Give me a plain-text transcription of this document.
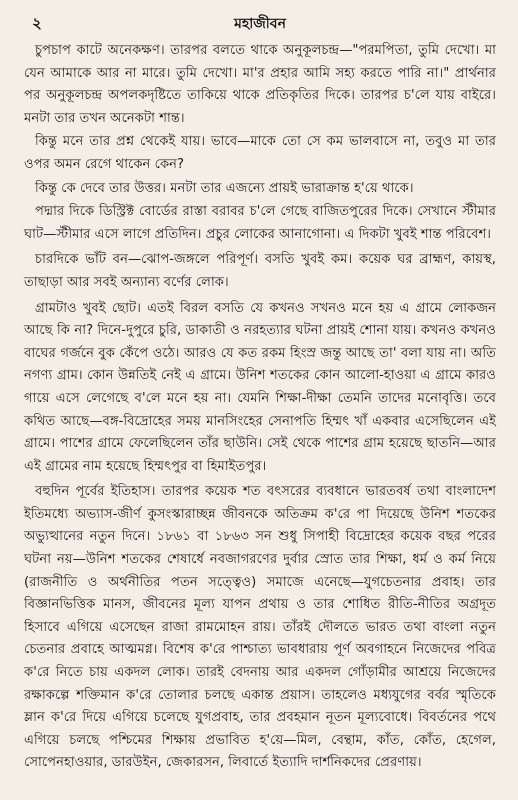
২	মহাজীবন

চুপচাপ কাটে অনেকক্ষণ। তারপর বলতে থাকে অনুকূলচন্দ্র—"পরমপিতা, তুমি দেখো। মা যেন আমাকে আর না মারে। তুমি দেখো। মা'র প্রহার আমি সহ্য করতে পারি না।" প্রার্থনার পর অনুকূলচন্দ্র অপলকদৃষ্টিতে তাকিয়ে থাকে প্রতিকৃতির দিকে। তারপর চ'লে যায় বাইরে। মনটা তার তখন অনেকটা শান্ত।

কিন্তু মনে তার প্রশ্ন থেকেই যায়। ভাবে—মাকে তো সে কম ভালবাসে না, তবুও মা তার ওপর অমন রেগে থাকেন কেন?

কিন্তু কে দেবে তার উত্তর। মনটা তার এজন্যে প্রায়ই ভারাক্রান্ত হ'য়ে থাকে।

পদ্মার দিকে ডিস্ট্রিক্ট বোর্ডের রাস্তা বরাবর চ'লে গেছে বাজিতপুরের দিকে। সেখানে স্টীমার ঘাট—স্টীমার এসে লাগে প্রতিদিন। প্রচুর লোকের আনাগোনা। এ দিকটা খুবই শান্ত পরিবেশ।

চারদিকে ভাঁট বন—ঝোপ-জঙ্গলে পরিপূর্ণ। বসতি খুবই কম। কয়েক ঘর ব্রাহ্মণ, কায়স্থ, তাছাড়া আর সবই অন্যান্য বর্ণের লোক।

গ্রামটাও খুবই ছোট। এতই বিরল বসতি যে কখনও সখনও মনে হয় এ গ্রামে লোকজন আছে কি না? দিনে-দুপুরে চুরি, ডাকাতী ও নরহত্যার ঘটনা প্রায়ই শোনা যায়। কখনও কখনও বাঘের গর্জনে বুক কেঁপে ওঠে। আরও যে কত রকম হিংস্র জন্তু আছে তা' বলা যায় না। অতি নগণ্য গ্রাম। কোন উন্নতিই নেই এ গ্রামে। উনিশ শতকের কোন আলো-হাওয়া এ গ্রামে কারও গায়ে এসে লেগেছে ব'লে মনে হয় না। যেমনি শিক্ষা-দীক্ষা তেমনি তাদের মনোবৃত্তি। তবে কথিত আছে—বঙ্গ-বিদ্রোহের সময় মানসিংহের সেনাপতি হিম্মৎ খাঁ একবার এসেছিলেন এই গ্রামে। পাশের গ্রামে ফেলেছিলেন তাঁর ছাউনি। সেই থেকে পাশের গ্রাম হয়েছে ছাতনি—আর এই গ্রামের নাম হয়েছে হিম্মৎপুর বা হিমাইতপুর।

বহুদিন পূর্বের ইতিহাস। তারপর কয়েক শত বৎসরের ব্যবধানে ভারতবর্ষ তথা বাংলাদেশ ইতিমধ্যে অভ্যাস-জীর্ণ কুসংস্কারাচ্ছন্ন জীবনকে অতিক্রম ক'রে পা দিয়েছে উনিশ শতকের অভ্যুত্থানের নতুন দিনে। ১৮৬১ বা ১৮৬৩ সন শুধু সিপাহী বিদ্রোহের কয়েক বছর পরের ঘটনা নয়—উনিশ শতকের শেষার্ধে নবজাগরণের দুর্বার স্রোত তার শিক্ষা, ধর্ম ও কর্ম নিয়ে (রাজনীতি ও অর্থনীতির পতন সত্ত্বেও) সমাজে এনেছে—যুগচেতনার প্রবাহ। তার বিজ্ঞানভিত্তিক মানস, জীবনের মূল্য যাপন প্রথায় ও তার শোধিত রীতি-নীতির অগ্রদূত হিসাবে এগিয়ে এসেছেন রাজা রামমোহন রায়। তাঁরই দৌলতে ভারত তথা বাংলা নতুন চেতনার প্রবাহে আত্মমগ্ন। বিশেষ ক'রে পাশ্চাত্য ভাবধারায় পূর্ণ অবগাহনে নিজেদের পবিত্র ক'রে নিতে চায় একদল লোক। তারই বেদনায় আর একদল গোঁড়ামীর আশ্রয়ে নিজেদের রক্ষাকল্পে শক্তিমান ক'রে তোলার চলছে একান্ত প্রয়াস। তাহলেও মধ্যযুগের বর্বর স্মৃতিকে ম্লান ক'রে দিয়ে এগিয়ে চলেছে যুগপ্রবাহ, তার প্রবহমান নূতন মূল্যবোধে। বিবর্তনের পথে এগিয়ে চলছে পশ্চিমের শিক্ষায় প্রভাবিত হ'য়ে—মিল, বেন্থাম, কাঁত, কোঁত, হেগেল, সোপেনহাওয়ার, ডারউইন, জেকারসন, লিবার্তে ইত্যাদি দার্শনিকদের প্রেরণায়।
